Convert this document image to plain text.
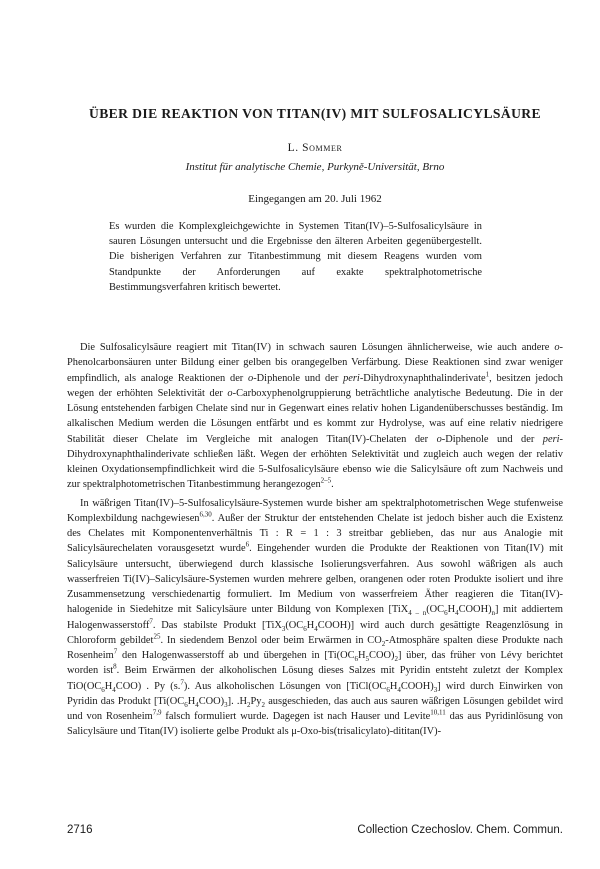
ÜBER DIE REAKTION VON TITAN(IV) MIT SULFOSALICYLSÄURE
L. Sommer
Institut für analytische Chemie, Purkyně-Universität, Brno
Eingegangen am 20. Juli 1962
Es wurden die Komplexgleichgewichte in Systemen Titan(IV)–5-Sulfosalicylsäure in sauren Lösungen untersucht und die Ergebnisse den älteren Arbeiten gegenübergestellt. Die bisherigen Verfahren zur Titanbestimmung mit diesem Reagens wurden vom Standpunkte der Anforderungen auf exakte spektralphotometrische Bestimmungsverfahren kritisch bewertet.

Die Sulfosalicylsäure reagiert mit Titan(IV) in schwach sauren Lösungen ähnlicherweise, wie auch andere o-Phenolcarbonsäuren unter Bildung einer gelben bis orangegelben Verfärbung. Diese Reaktionen sind zwar weniger empfindlich, als analoge Reaktionen der o-Diphenole und der peri-Dihydroxynaphthalinderivate$^1$, besitzen jedoch wegen der erhöhten Selektivität der o-Carboxyphenolgruppierung beträchtliche analytische Bedeutung. Die in der Lösung entstehenden farbigen Chelate sind nur in Gegenwart eines relativ hohen Ligandenüberschusses beständig. Im alkalischen Medium werden die Lösungen entfärbt und es kommt zur Hydrolyse, was auf eine relativ niedrigere Stabilität dieser Chelate im Vergleiche mit analogen Titan(IV)-Chelaten der o-Diphenole und der peri-Dihydroxynaphthalinderivate schließen läßt. Wegen der erhöhten Selektivität und zugleich auch wegen der relativ kleinen Oxydationsempfindlichkeit wird die 5-Sulfosalicylsäure ebenso wie die Salicylsäure oft zum Nachweis und zur spektralphotometrischen Titanbestimmung herangezogen$^{2-5}$.

In wäßrigen Titan(IV)–5-Sulfosalicylsäure-Systemen wurde bisher am spektralphotometrischen Wege stufenweise Komplexbildung nachgewiesen$^{6,30}$. Außer der Struktur der entstehenden Chelate ist jedoch bisher auch die Existenz des Chelates mit Komponentenverhältnis Ti : R = 1 : 3 streitbar geblieben, das nur aus Analogie mit Salicylsäurechelaten vorausgesetzt wurde$^6$. Eingehender wurden die Produkte der Reaktionen von Titan(IV) mit Salicylsäure untersucht, überwiegend durch klassische Isolierungsverfahren. Aus sowohl wäßrigen als auch wasserfreien Ti(IV)–Salicylsäure-Systemen wurden mehrere gelben, orangenen oder roten Produkte isoliert und ihre Zusammensetzung verschiedenartig formuliert. Im Medium von wasserfreiem Äther reagieren die Titan(IV)-halogenide in Siedehitze mit Salicylsäure unter Bildung von Komplexen $[TiX_{4 - n}(OC_6H_4COOH)_n]$ mit addiertem Halogenwasserstoff$^7$. Das stabilste Produkt $[TiX_3(OC_6H_4COOH)]$ wird auch durch gesättigte Reagenzlösung in Chloroform gebildet$^{25}$. In siedendem Benzol oder beim Erwärmen in $CO_2$-Atmosphäre spalten diese Produkte nach Rosenheim$^7$ den Halogenwasserstoff ab und übergehen in $[Ti(OC_6H_5COO)_2]$ über, das früher von Lévy berichtet worden ist$^8$. Beim Erwärmen der alkoholischen Lösung dieses Salzes mit Pyridin entsteht zuletzt der Komplex $TiO(OC_6H_4COO)$ . Py (s.$^7$). Aus alkoholischen Lösungen von $[TiCl(OC_6H_4COOH)_3]$ wird durch Einwirken von Pyridin das Produkt $[Ti(OC_6H_4COO)_3]$. $.H_2Py_2$ ausgeschieden, das auch aus sauren wäßrigen Lösungen gebildet wird und von Rosenheim$^{7,9}$ falsch formuliert wurde. Dagegen ist nach Hauser und Levite$^{10,11}$ das aus Pyridinlösung von Salicylsäure und Titan(IV) isolierte gelbe Produkt als μ-Oxo-bis(trisalicylato)-dititan(IV)-

2716	Collection Czechoslov. Chem. Commun.
